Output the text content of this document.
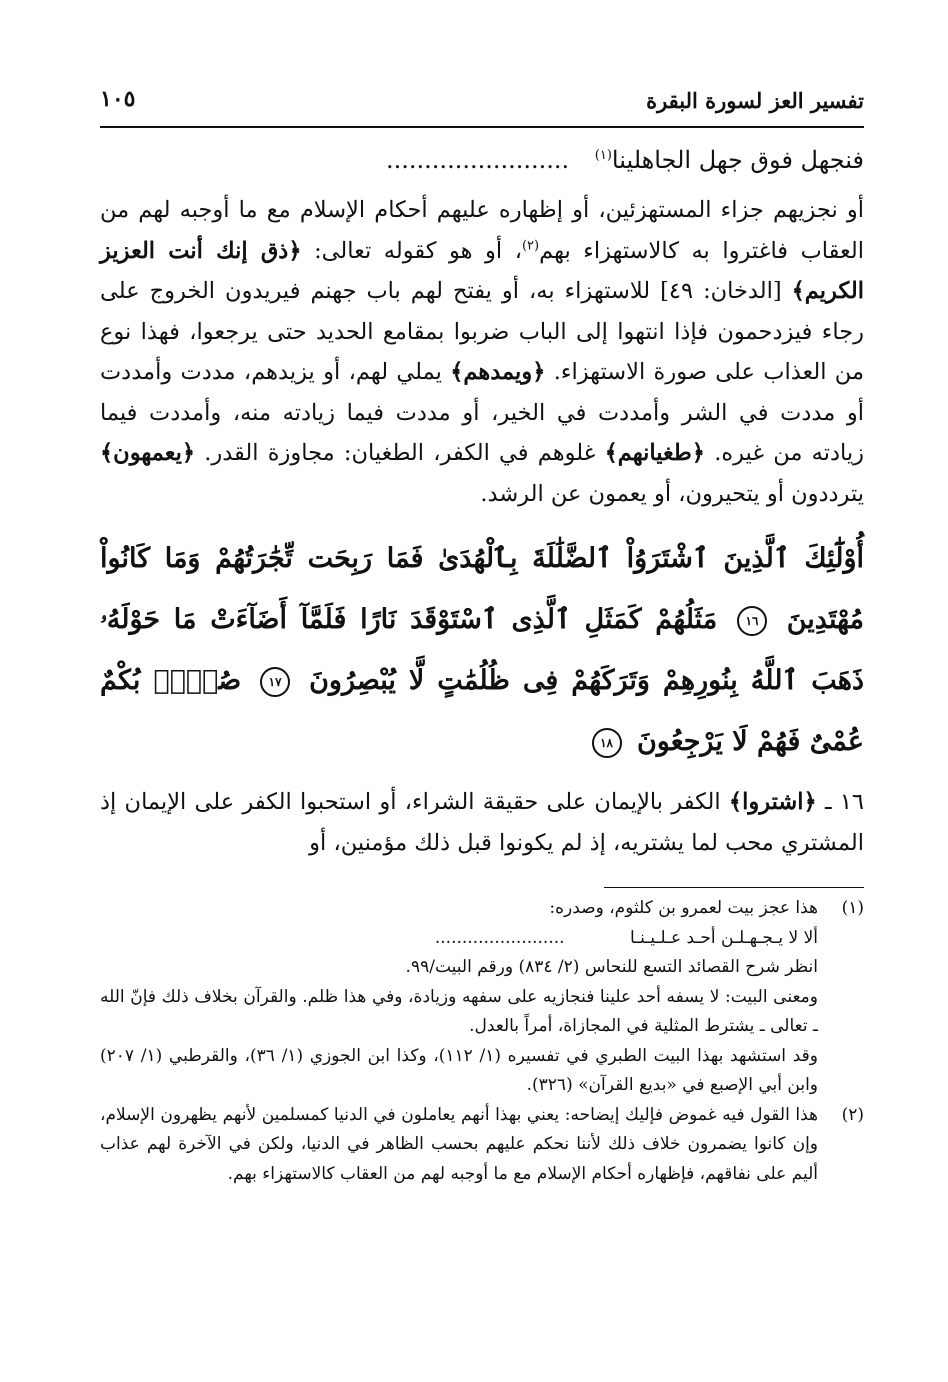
تفسير العز لسورة البقرة
١٠٥
فنجهل فوق جهل الجاهلينا$^{(١)}$ ........................

أو نجزيهم جزاء المستهزئين، أو إظهاره عليهم أحكام الإسلام مع ما أوجبه لهم من العقاب فاغتروا به كالاستهزاء بهم$^{(٢)}$، أو هو كقوله تعالى: ﴿ذق إنك أنت العزيز الكريم﴾ [الدخان: ٤٩] للاستهزاء به، أو يفتح لهم باب جهنم فيريدون الخروج على رجاء فيزدحمون فإذا انتهوا إلى الباب ضربوا بمقامع الحديد حتى يرجعوا، فهذا نوع من العذاب على صورة الاستهزاء. ﴿ويمدهم﴾ يملي لهم، أو يزيدهم، مددت وأمددت أو مددت في الشر وأمددت في الخير، أو مددت فيما زيادته منه، وأمددت فيما زيادته من غيره. ﴿طغيانهم﴾ غلوهم في الكفر، الطغيان: مجاوزة القدر. ﴿يعمهون﴾ يترددون أو يتحيرون، أو يعمون عن الرشد.

أُوْلَٰٓئِكَ ٱلَّذِينَ ٱشْتَرَوُاْ ٱلضَّلَٰلَةَ بِٱلْهُدَىٰ فَمَا رَبِحَت تِّجَٰرَتُهُمْ وَمَا كَانُواْ مُهْتَدِينَ ١٦ مَثَلُهُمْ كَمَثَلِ ٱلَّذِى ٱسْتَوْقَدَ نَارًا فَلَمَّآ أَضَآءَتْ مَا حَوْلَهُۥ ذَهَبَ ٱللَّهُ بِنُورِهِمْ وَتَرَكَهُمْ فِى ظُلُمَٰتٍ لَّا يُبْصِرُونَ ١٧ صُمٌّۢ بُكْمٌ عُمْىٌ فَهُمْ لَا يَرْجِعُونَ ١٨

١٦ ـ ﴿اشتروا﴾ الكفر بالإيمان على حقيقة الشراء، أو استحبوا الكفر على الإيمان إذ المشتري محب لما يشتريه، إذ لم يكونوا قبل ذلك مؤمنين، أو

(١)

هذا عجز بيت لعمرو بن كلثوم، وصدره:

ألا لا يـجـهـلـن أحـد عـلـيـنـا ........................

انظر شرح القصائد التسع للنحاس (٢/ ٨٣٤) ورقم البيت/٩٩.

ومعنى البيت: لا يسفه أحد علينا فنجازيه على سفهه وزيادة، وفي هذا ظلم. والقرآن بخلاف ذلك فإنّ الله ـ تعالى ـ يشترط المثلية في المجازاة، أمراً بالعدل.

وقد استشهد بهذا البيت الطبري في تفسيره (١/ ١١٢)، وكذا ابن الجوزي (١/ ٣٦)، والقرطبي (١/ ٢٠٧) وابن أبي الإصبع في «بديع القرآن» (٣٢٦).

(٢)

هذا القول فيه غموض فإليك إيضاحه: يعني بهذا أنهم يعاملون في الدنيا كمسلمين لأنهم يظهرون الإسلام، وإن كانوا يضمرون خلاف ذلك لأننا نحكم عليهم بحسب الظاهر في الدنيا، ولكن في الآخرة لهم عذاب أليم على نفاقهم، فإظهاره أحكام الإسلام مع ما أوجبه لهم من العقاب كالاستهزاء بهم.
